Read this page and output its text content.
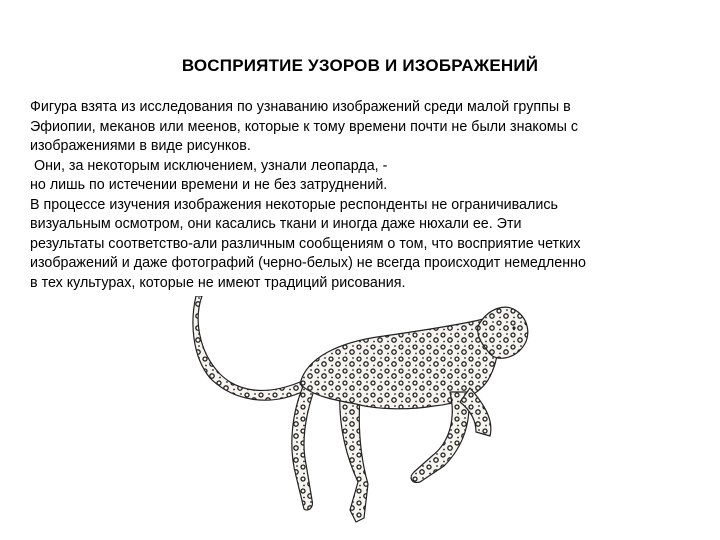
ВОСПРИЯТИЕ УЗОРОВ И ИЗОБРАЖЕНИЙ
Фигура взята из исследования по узнаванию изображений среди малой группы в
Эфиопии, меканов или меенов, которые к тому времени почти не были знакомы с
изображениями в виде рисунков.
Они, за некоторым исключением, узнали леопарда, -
но лишь по истечении времени и не без затруднений.
В процессе изучения изображения некоторые респонденты не ограничивались
визуальным осмотром, они касались ткани и иногда даже нюхали ее. Эти
результаты соответство-али различным сообщениям о том, что восприятие четких
изображений и даже фотографий (черно-белых) не всегда происходит немедленно
в тех культурах, которые не имеют традиций рисования.
